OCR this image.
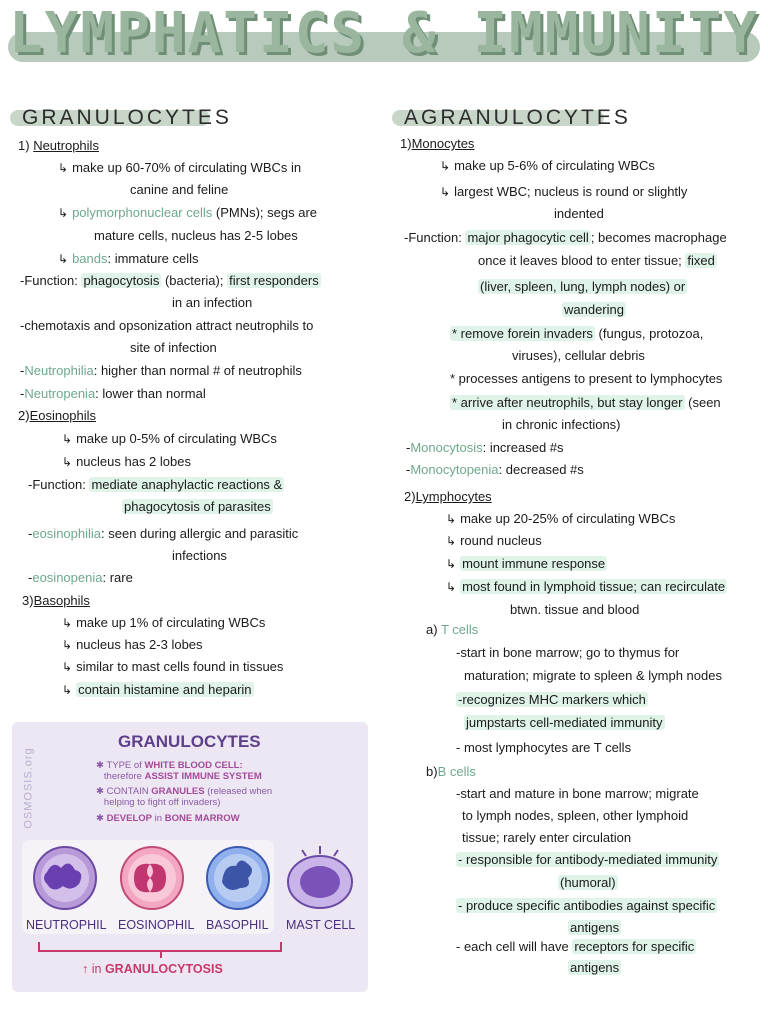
LYMPHATICS & IMMUNITY
GRANULOCYTES	AGRANULOCYTES
1) Neutrophils
↳ make up 60-70% of circulating WBCs in
canine and feline
↳ polymorphonuclear cells (PMNs); segs are
mature cells, nucleus has 2-5 lobes
↳ bands: immature cells
-Function: phagocytosis (bacteria); first responders
in an infection
-chemotaxis and opsonization attract neutrophils to
site of infection
-Neutrophilia: higher than normal # of neutrophils
-Neutropenia: lower than normal
2)Eosinophils
↳ make up 0-5% of circulating WBCs
↳ nucleus has 2 lobes
-Function: mediate anaphylactic reactions &
phagocytosis of parasites
-eosinophilia: seen during allergic and parasitic
infections
-eosinopenia: rare
3)Basophils
↳ make up 1% of circulating WBCs
↳ nucleus has 2-3 lobes
↳ similar to mast cells found in tissues
↳ contain histamine and heparin
OSMOSIS.org
GRANULOCYTES
✱ TYPE of WHITE BLOOD CELL:
therefore ASSIST IMMUNE SYSTEM
✱ CONTAIN GRANULES (released when
helping to fight off invaders)
✱ DEVELOP in BONE MARROW
NEUTROPHIL EOSINOPHIL BASOPHIL MAST CELL
↑ in GRANULOCYTOSIS
1)Monocytes
↳ make up 5-6% of circulating WBCs
↳ largest WBC; nucleus is round or slightly
indented
-Function: major phagocytic cell ; becomes macrophage
once it leaves blood to enter tissue; fixed
(liver, spleen, lung, lymph nodes) or
wandering
* remove forein invaders (fungus, protozoa,
viruses), cellular debris
* processes antigens to present to lymphocytes
* arrive after neutrophils, but stay longer (seen
in chronic infections)
-Monocytosis: increased #s
-Monocytopenia: decreased #s
2)Lymphocytes
↳ make up 20-25% of circulating WBCs
↳ round nucleus
↳ mount immune response
↳ most found in lymphoid tissue; can recirculate
btwn. tissue and blood
a) T cells
-start in bone marrow; go to thymus for
maturation; migrate to spleen & lymph nodes
-recognizes MHC markers which
jumpstarts cell-mediated immunity
- most lymphocytes are T cells
b)B cells
-start and mature in bone marrow; migrate
to lymph nodes, spleen, other lymphoid
tissue; rarely enter circulation
- responsible for antibody-mediated immunity
(humoral)
- produce specific antibodies against specific
antigens
- each cell will have receptors for specific
antigens
